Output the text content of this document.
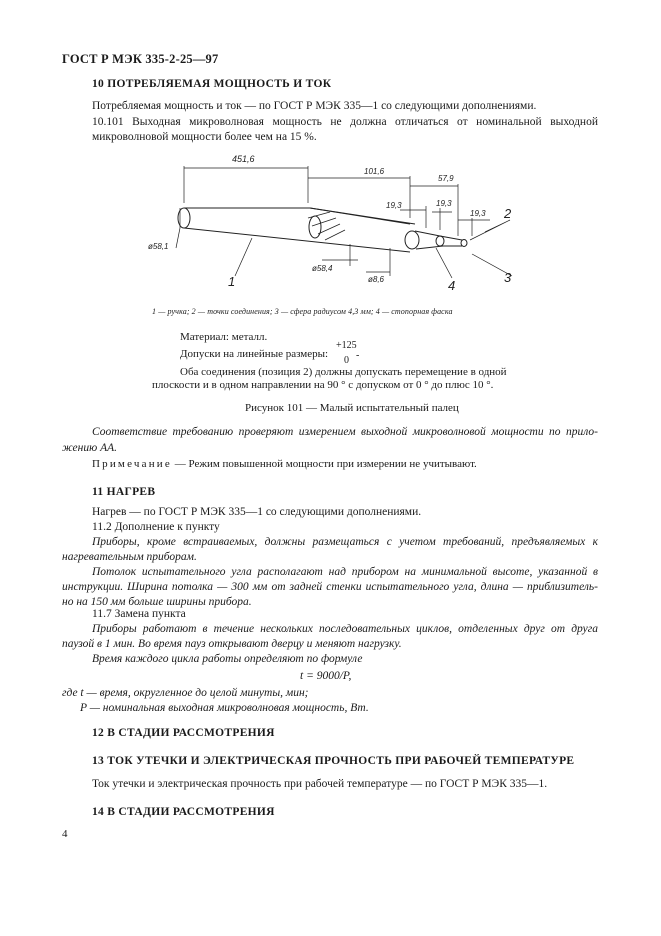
ГОСТ Р МЭК 335-2-25—97
10 ПОТРЕБЛЯЕМАЯ МОЩНОСТЬ И ТОК
Потребляемая мощность и ток — по ГОСТ Р МЭК 335—1 со следующими дополнениями.
10.101 Выходная микроволновая мощность не должна отличаться от номинальной выходной
микроволновой мощности более чем на 15 %.
451,6
101,6
57,9
19,3	19,3
19,3
ø58,1
ø58,4
ø8,6
1
2
3
4
1 — ручка; 2 — точки соединения; 3 — сфера радиусом 4,3 мм; 4 — стопорная фаска
Материал: металл.
Допуски на линейные размеры:
+125
0 -
Оба соединения (позиция 2) должны допускать перемещение в одной
плоскости и в одном направлении на 90 ° с допуском от 0 ° до плюс 10 °.
Рисунок 101 — Малый испытательный палец
Соответствие требованию проверяют измерением выходной микроволновой мощности по прило-
жению АА.
Примечание — Режим повышенной мощности при измерении не учитывают.
11 НАГРЕВ
Нагрев — по ГОСТ Р МЭК 335—1 со следующими дополнениями.
11.2 Дополнение к пункту
Приборы, кроме встраиваемых, должны размещаться с учетом требований, предъявляемых к
нагревательным приборам.
Потолок испытательного угла располагают над прибором на минимальной высоте, указанной в
инструкции. Ширина потолка — 300 мм от задней стенки испытательного угла, длина — приблизитель-
но на 150 мм больше ширины прибора.
11.7 Замена пункта
Приборы работают в течение нескольких последовательных циклов, отделенных друг от друга
паузой в 1 мин. Во время пауз открывают дверцу и меняют нагрузку.
Время каждого цикла работы определяют по формуле
t = 9000/P,
где t — время, округленное до целой минуты, мин;
P — номинальная выходная микроволновая мощность, Вт.
12 В СТАДИИ РАССМОТРЕНИЯ
13 ТОК УТЕЧКИ И ЭЛЕКТРИЧЕСКАЯ ПРОЧНОСТЬ ПРИ РАБОЧЕЙ ТЕМПЕРАТУРЕ
Ток утечки и электрическая прочность при рабочей температуре — по ГОСТ Р МЭК 335—1.
14 В СТАДИИ РАССМОТРЕНИЯ
4
